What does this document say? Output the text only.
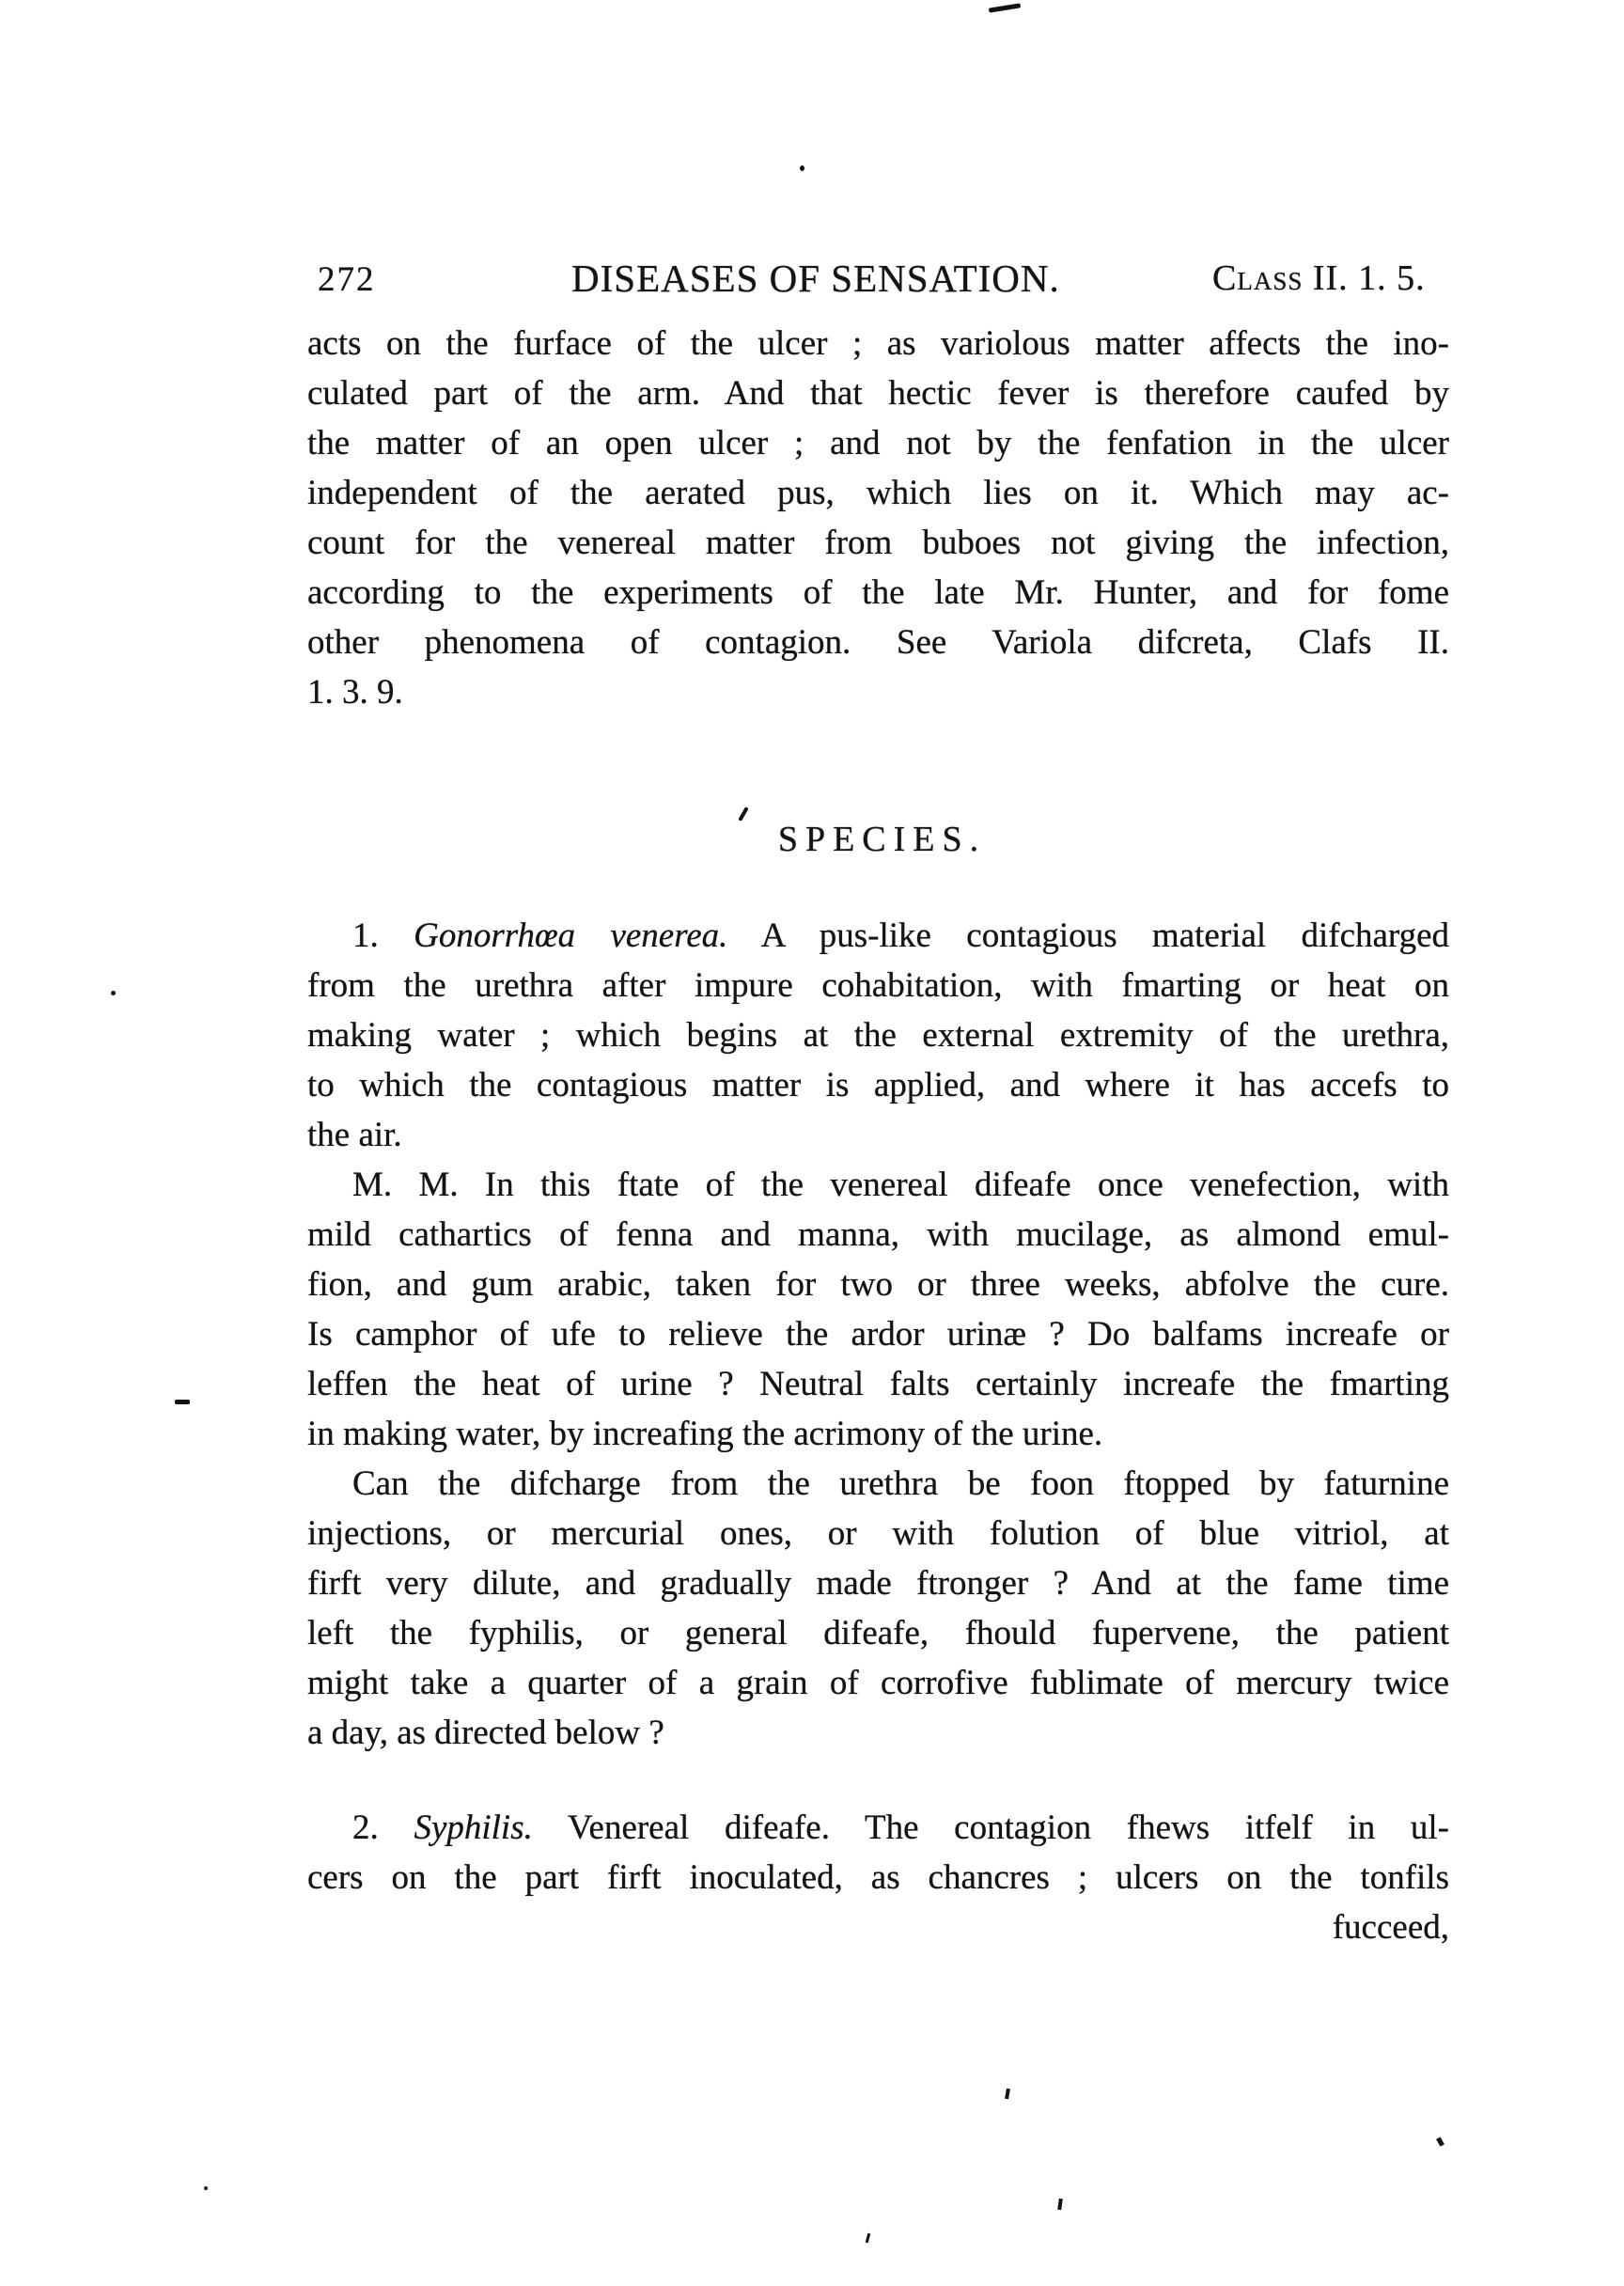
272	DISEASES OF SENSATION.	Class II. 1. 5.
acts on the furface of the ulcer ; as variolous matter affects the ino-
culated part of the arm. And that hectic fever is therefore caufed by
the matter of an open ulcer ; and not by the fenfation in the ulcer
independent of the aerated pus, which lies on it. Which may ac-
count for the venereal matter from buboes not giving the infection,
according to the experiments of the late Mr. Hunter, and for fome
other phenomena of contagion. See Variola difcreta, Clafs II.
1. 3. 9.
SPECIES.
1. Gonorrhœa venerea. A pus-like contagious material difcharged
from the urethra after impure cohabitation, with fmarting or heat on
making water ; which begins at the external extremity of the urethra,
to which the contagious matter is applied, and where it has accefs to
the air.
M. M. In this ftate of the venereal difeafe once venefection, with
mild cathartics of fenna and manna, with mucilage, as almond emul-
fion, and gum arabic, taken for two or three weeks, abfolve the cure.
Is camphor of ufe to relieve the ardor urinæ ? Do balfams increafe or
leffen the heat of urine ? Neutral falts certainly increafe the fmarting
in making water, by increafing the acrimony of the urine.
Can the difcharge from the urethra be foon ftopped by faturnine
injections, or mercurial ones, or with folution of blue vitriol, at
firft very dilute, and gradually made ftronger ? And at the fame time
left the fyphilis, or general difeafe, fhould fupervene, the patient
might take a quarter of a grain of corrofive fublimate of mercury twice
a day, as directed below ?
2. Syphilis. Venereal difeafe. The contagion fhews itfelf in ul-
cers on the part firft inoculated, as chancres ; ulcers on the tonfils
fucceed,
